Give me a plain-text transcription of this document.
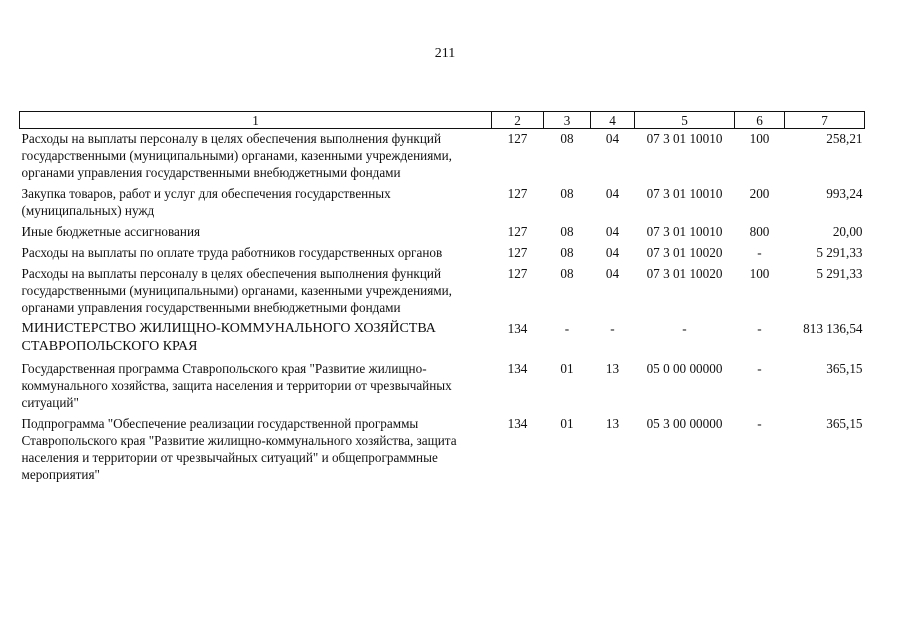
211
1	2	3	4	5	6	7
Расходы на выплаты персоналу в целях обеспечения выполнения функций государственными (муниципальными) органами, казенными учреждениями, органами управления государственными внебюджетными фондами	127	08	04	07 3 01 10010	100	258,21
Закупка товаров, работ и услуг для обеспечения государственных (муниципальных) нужд	127	08	04	07 3 01 10010	200	993,24
Иные бюджетные ассигнования	127	08	04	07 3 01 10010	800	20,00
Расходы на выплаты по оплате труда работников государственных органов	127	08	04	07 3 01 10020	-	5 291,33
Расходы на выплаты персоналу в целях обеспечения выполнения функций государственными (муниципальными) органами, казенными учреждениями, органами управления государственными внебюджетными фондами	127	08	04	07 3 01 10020	100	5 291,33
МИНИСТЕРСТВО ЖИЛИЩНО-КОММУНАЛЬНОГО ХОЗЯЙСТВА СТАВРОПОЛЬСКОГО КРАЯ	134	-	-	-	-	813 136,54
Государственная программа Ставропольского края "Развитие жилищно-коммунального хозяйства, защита населения и территории от чрезвычайных ситуаций"	134	01	13	05 0 00 00000	-	365,15
Подпрограмма "Обеспечение реализации государственной программы Ставропольского края "Развитие жилищно-коммунального хозяйства, защита населения и территории от чрезвычайных ситуаций" и общепрограммные мероприятия"	134	01	13	05 3 00 00000	-	365,15
